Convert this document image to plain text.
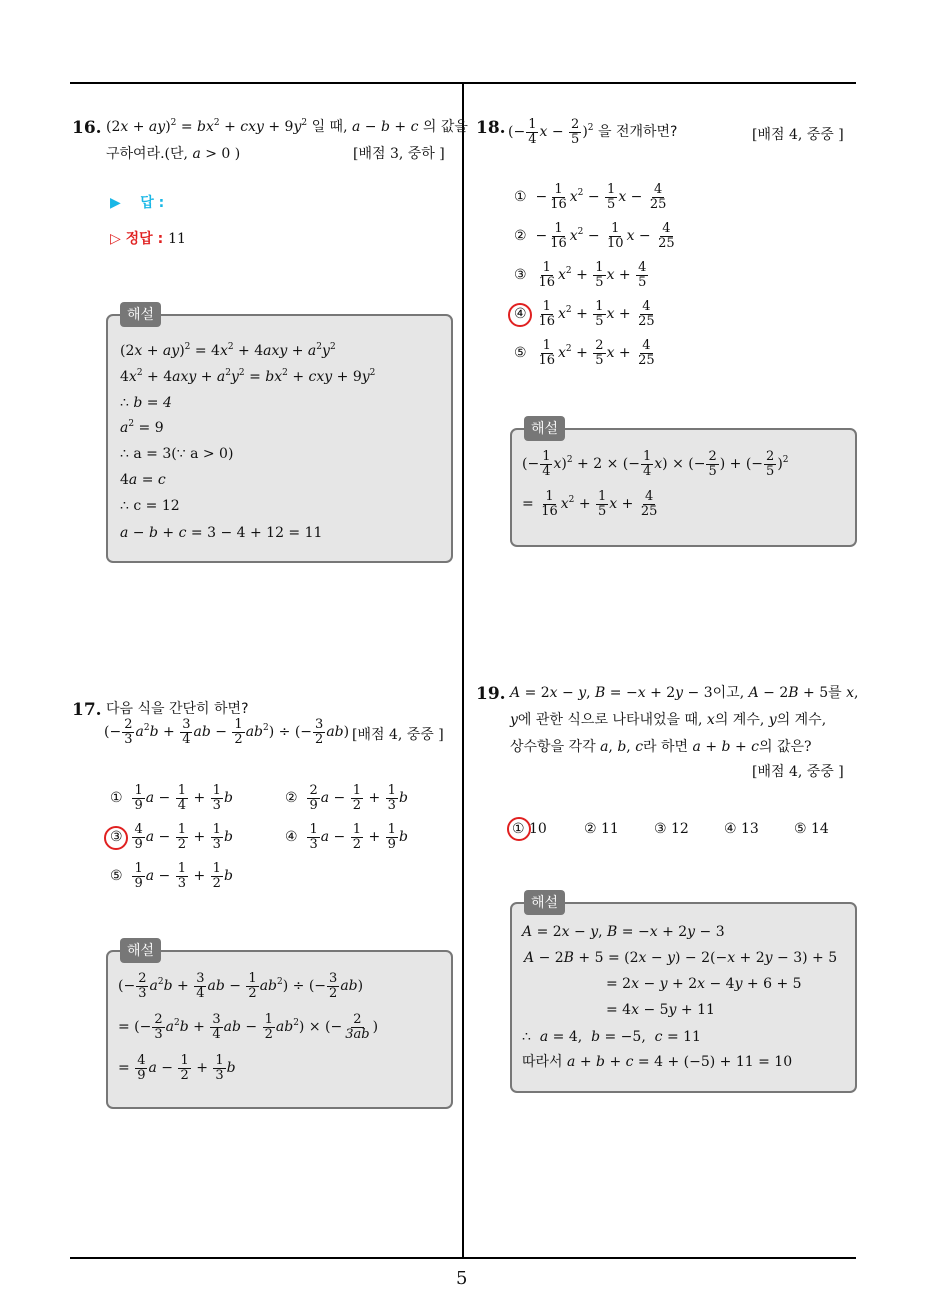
5
16. $(2x + ay)^2 = bx^2$ + cxy + $9y^2$ 일 때, a − b + c 의 값을
구하여라.(단, a > 0 )	[배점 3, 중하 ]
▶ 답 :
▷ 정답 : 11
해설
$(2x + ay)^2 = 4x^2 + 4axy + a^2y^2$
$4x^2 + 4axy + a^2y^2 = bx^2$ + cxy + $9y^2$
∴ b = 4
$a^2 = 9$
∴ a = 3(∵ a > 0)
4a = c
∴ c = 12
a − b + c = 3 − 4 + 12 = 11
17. 다음 식을 간단히 하면?
(− $\frac{2}{3} a^2b + \frac{3}{4}$ ab − $\frac{1}{2} ab^2$) ÷ (− $\frac{3}{2} ab$) [배점 4, 중중 ]
① $\frac{1}{9}$ $a - \frac{1}{4} + \frac{1}{3}$ b	② $\frac{2}{9}$ $a - \frac{1}{2} + \frac{1}{3}$ b
③ $\frac{4}{9}$ $a - \frac{1}{2} + \frac{1}{3}$ b	④ $\frac{1}{3}$ $a - \frac{1}{2} + \frac{1}{9}$ b
⑤ $\frac{1}{9}$ $a - \frac{1}{3} + \frac{1}{2}$ b
해설
(− $\frac{2}{3} a^2b + \frac{3}{4}$ ab − $\frac{1}{2} ab^2$) ÷ (− $\frac{3}{2} ab$)
= (− $\frac{2}{3} a^2b + \frac{3}{4}$ ab − $\frac{1}{2} ab^2$) × (− $\frac{2}{3ab}$ )
= $\frac{4}{9}$ $a - \frac{1}{2} + \frac{1}{3}$ b
18. (− $\frac{1}{4}$ $x - \frac{2}{5} )^2$ 을 전개하면?	[배점 4, 중중 ]
①  − $\frac{1}{16} x^2 - \frac{1}{5}$ $x - \frac{4}{25}$
②  − $\frac{1}{16} x^2 - \frac{1}{10}$ $x - \frac{4}{25}$
③ $\frac{1}{16} x^2 + \frac{1}{5}$ $x + \frac{4}{5}$
④ $\frac{1}{16} x^2 + \frac{1}{5}$ $x + \frac{4}{25}$
⑤ $\frac{1}{16} x^2 + \frac{2}{5}$ $x + \frac{4}{25}$
해설
(− $\frac{1}{4} x)^2 + 2$ × (− $\frac{1}{4} x$) × (− $\frac{2}{5}$ ) + (− $\frac{2}{5} )^2$
= $\frac{1}{16} x^2 + \frac{1}{5}$ $x + \frac{4}{25}$
19. A = 2x − y, B = −x + 2y − 3이고, A − 2B + 5를 x,
y에 관한 식으로 나타내었을 때, x의 계수, y의 계수,
상수항을 각각 a, b, c라 하면 a + b + c의 값은?
[배점 4, 중중 ]
① 10	② 11	③ 12	④ 13	⑤ 14
해설
A = 2x − y, B = −x + 2y − 3
A − 2B + 5 = (2x − y) − 2(−x + 2y − 3) + 5
= 2x − y + 2x − 4y + 6 + 5
= 4x − 5y + 11
∴ a = 4,  b = −5,  c = 11
따라서 a + b + c = 4 + (−5) + 11 = 10
